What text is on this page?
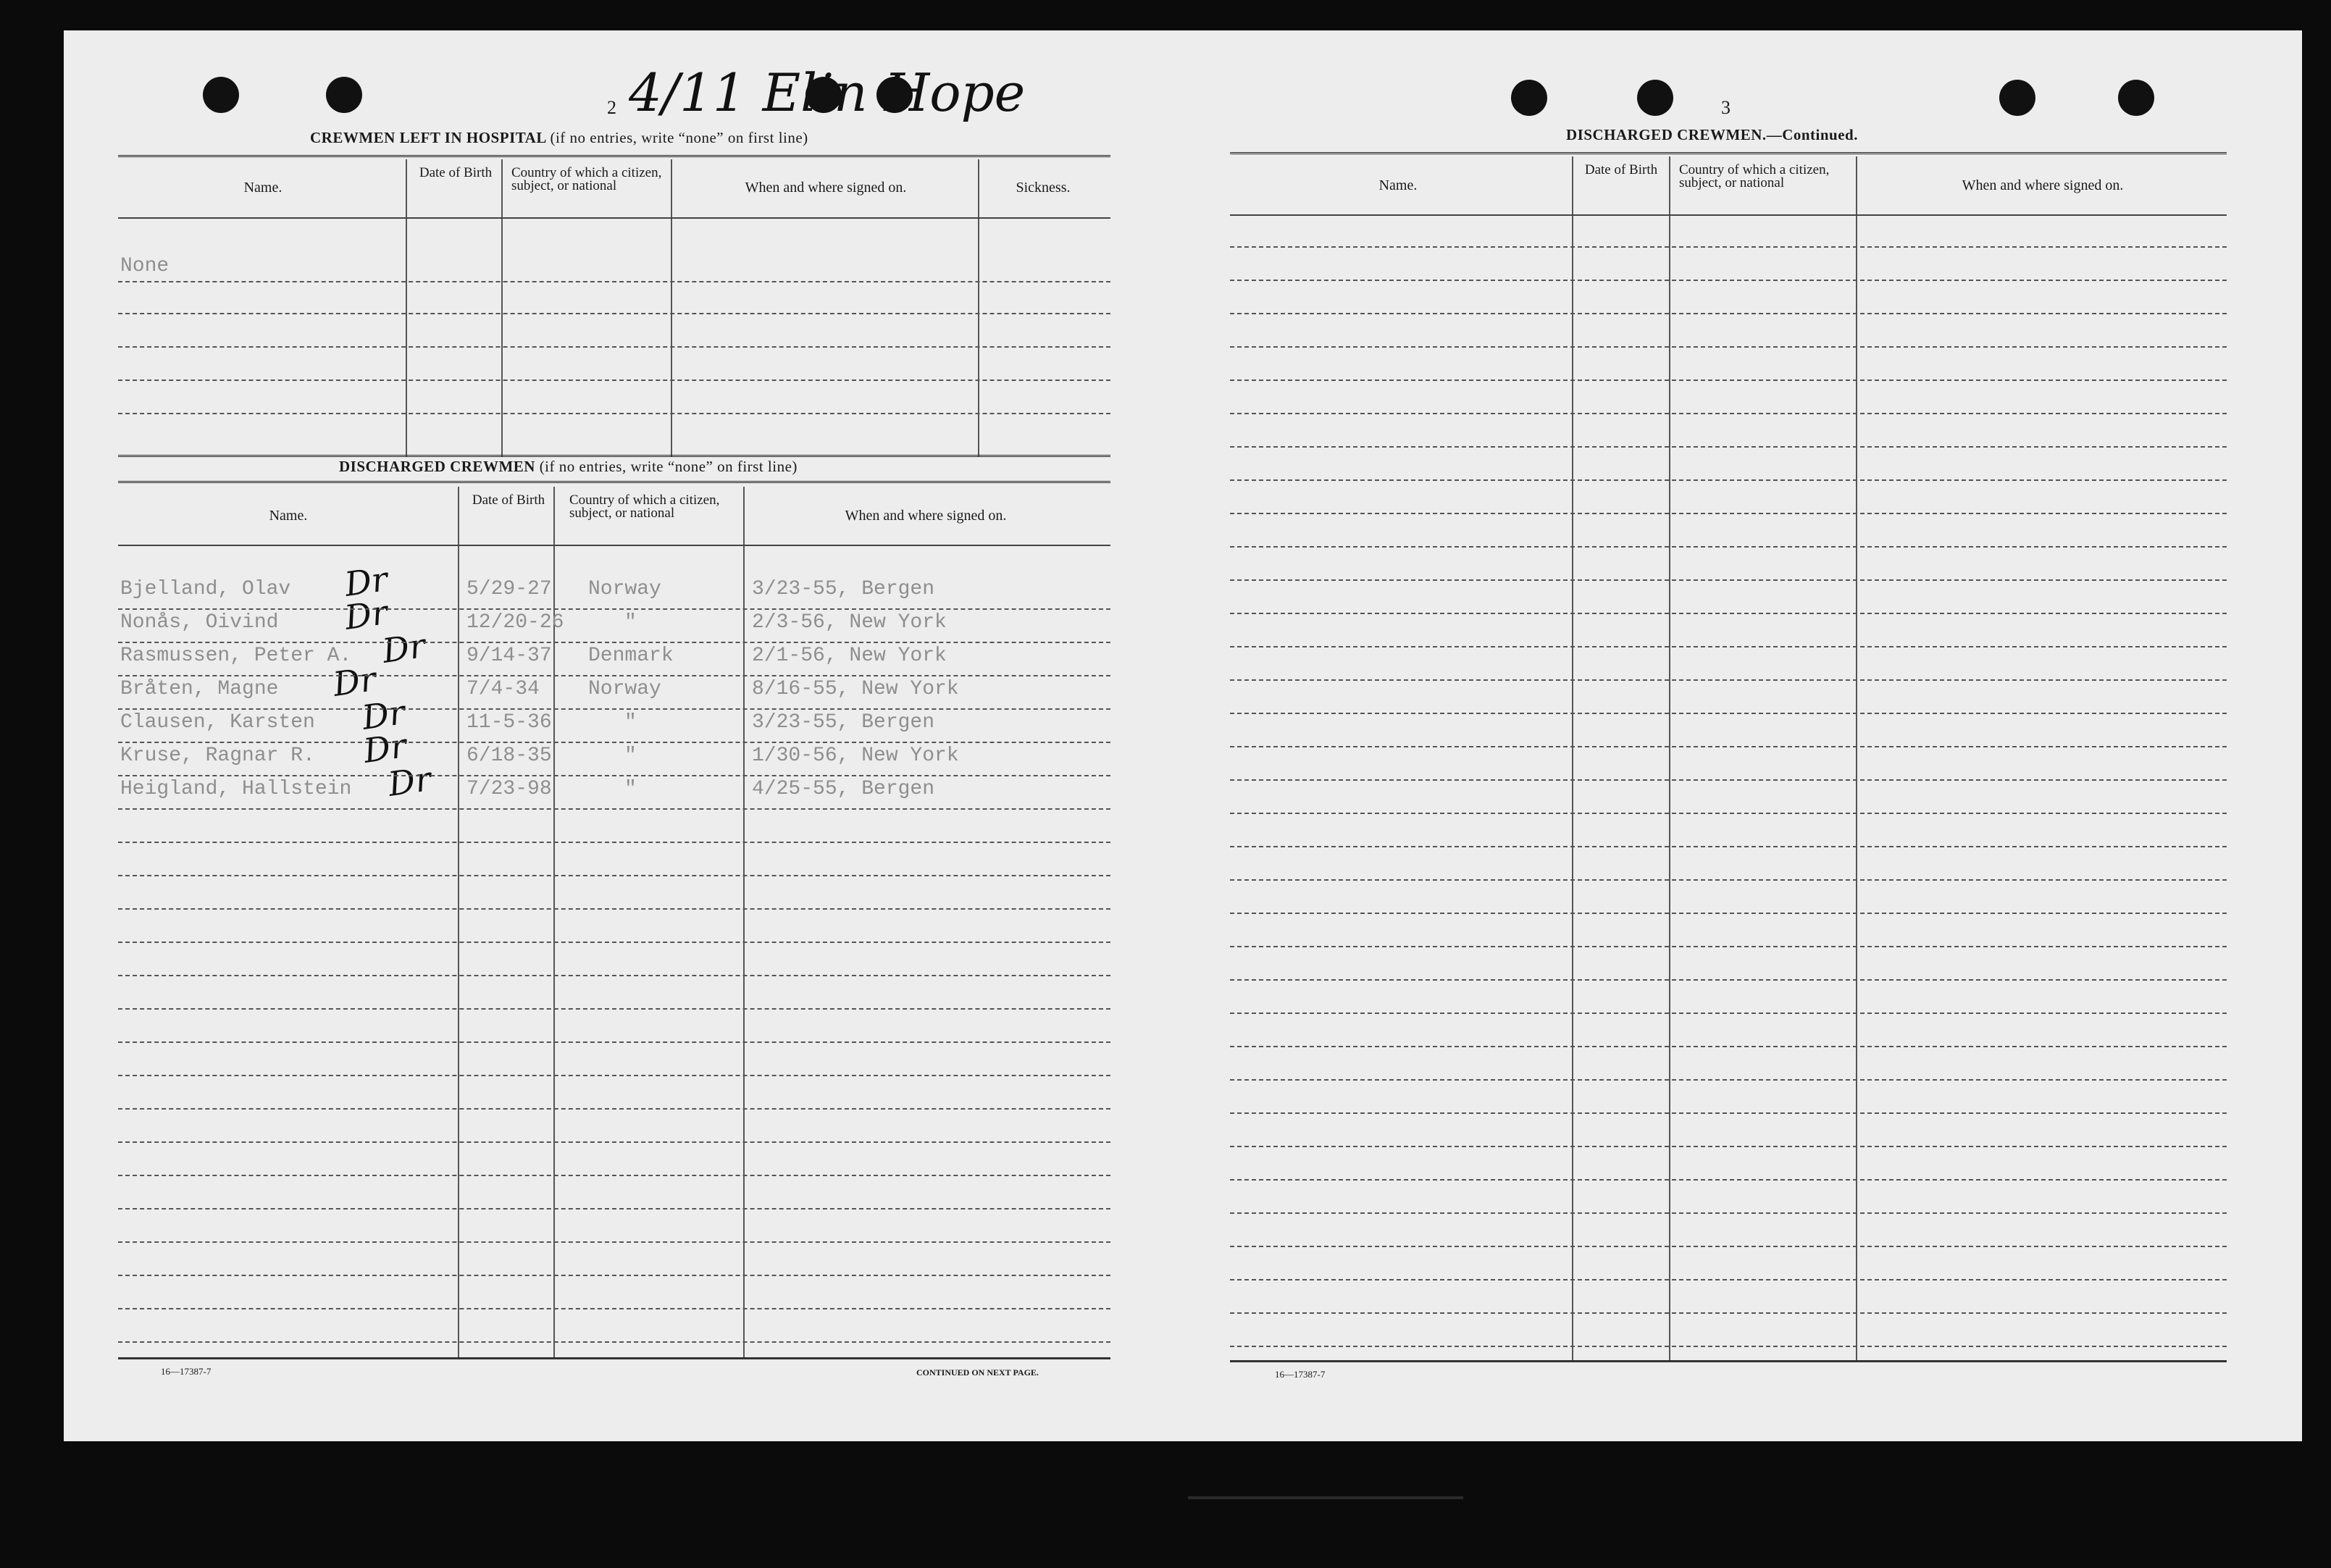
2 4/11 Elin Hope
CREWMEN LEFT IN HOSPITAL (if no entries, write “none” on first line)
Name.
Date of Birth	Country of which a citizen, subject, or national	When and where signed on.	Sickness.
None
DISCHARGED CREWMEN (if no entries, write “none” on first line)
Name.
Date of Birth	Country of which a citizen, subject, or national	When and where signed on.
Bjelland, Olav	5/29-27 Norway	3/23-55, Bergen
Dr
Nonås, Oivind	12/20-26	"	2/3-56, New York
Dr
Rasmussen, Peter A.	9/14-37 Denmark	2/1-56, New York
Dr
Bråten, Magne	7/4-34 Norway	8/16-55, New York
Dr
Clausen, Karsten	11-5-36	"	3/23-55, Bergen
Dr
Kruse, Ragnar R.	6/18-35	"	1/30-56, New York
Dr
Heigland, Hallstein	7/23-98	"	4/25-55, Bergen
Dr
16—17387-7	CONTINUED ON NEXT PAGE.
3
DISCHARGED CREWMEN.—Continued.
Name.
Date of Birth	Country of which a citizen, subject, or national	When and where signed on.
16—17387-7
